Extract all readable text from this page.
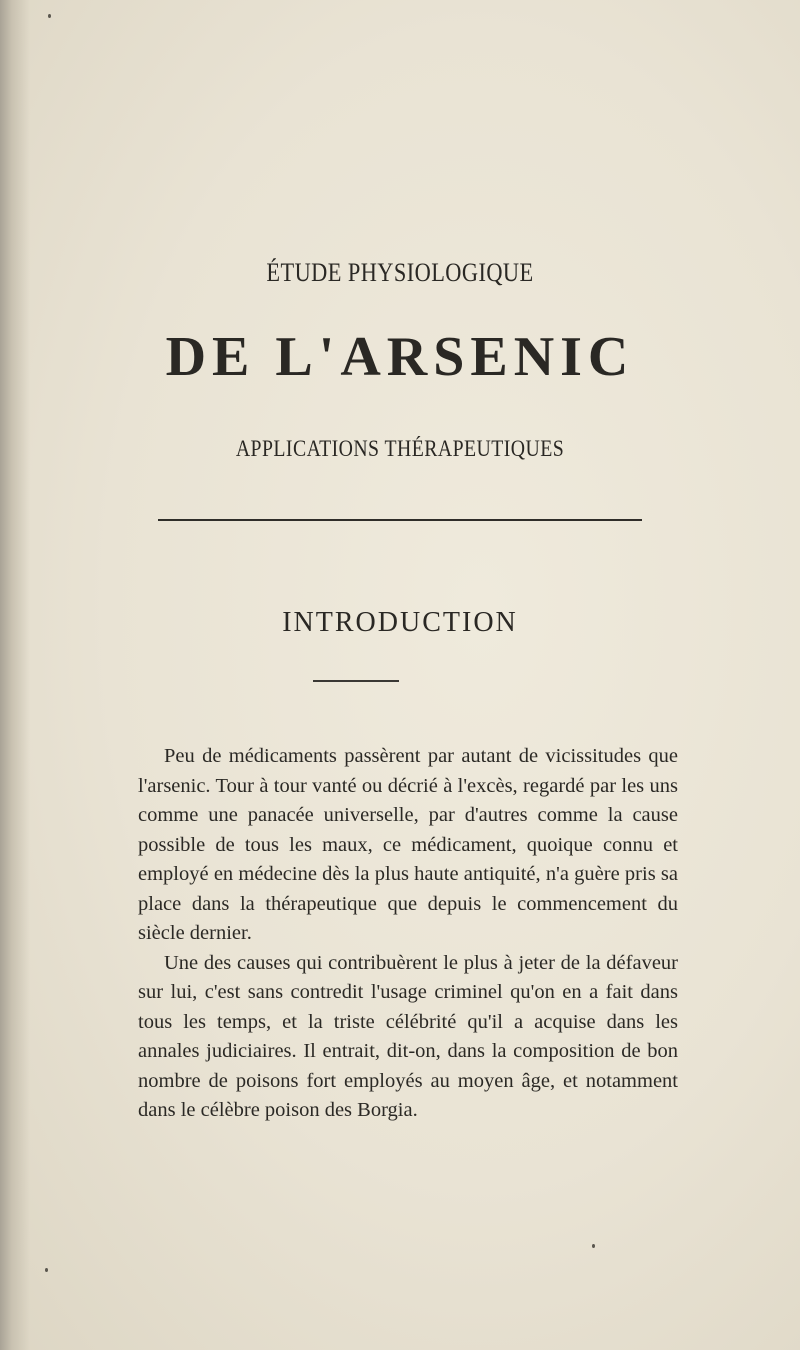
ÉTUDE PHYSIOLOGIQUE
DE L'ARSENIC
APPLICATIONS THÉRAPEUTIQUES
INTRODUCTION

Peu de médicaments passèrent par autant de vicissitudes que l'arsenic. Tour à tour vanté ou décrié à l'excès, regardé par les uns comme une panacée universelle, par d'autres comme la cause possible de tous les maux, ce médicament, quoique connu et employé en médecine dès la plus haute antiquité, n'a guère pris sa place dans la thérapeutique que depuis le commencement du siècle dernier.

Une des causes qui contribuèrent le plus à jeter de la défaveur sur lui, c'est sans contredit l'usage criminel qu'on en a fait dans tous les temps, et la triste célébrité qu'il a acquise dans les annales judiciaires. Il entrait, dit-on, dans la composition de bon nombre de poisons fort employés au moyen âge, et notamment dans le célèbre poison des Borgia.
